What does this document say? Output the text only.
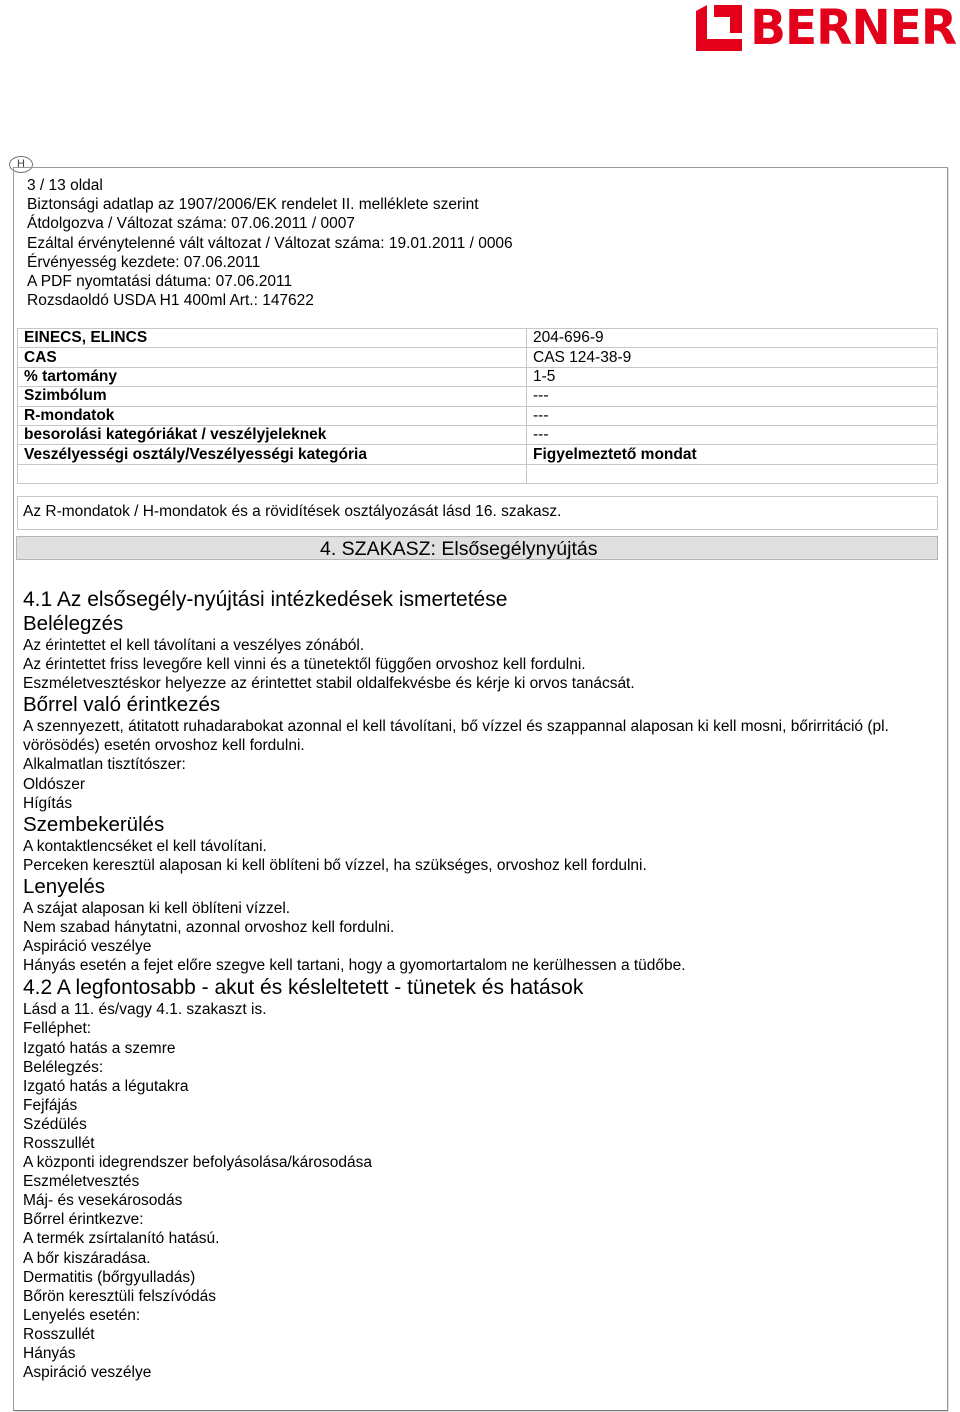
BERNER
H
3 / 13 oldal
Biztonsági adatlap az 1907/2006/EK rendelet II. melléklete szerint
Átdolgozva / Változat száma: 07.06.2011 / 0007
Ezáltal érvénytelenné vált változat / Változat száma: 19.01.2011 / 0006
Érvényesség kezdete: 07.06.2011
A PDF nyomtatási dátuma: 07.06.2011
Rozsdaoldó USDA H1 400ml Art.: 147622
EINECS, ELINCS	204-696-9
CAS	CAS 124-38-9
% tartomány	1-5
Szimbólum	---
R-mondatok	---
besorolási kategóriákat / veszélyjeleknek	---
Veszélyességi osztály/Veszélyességi kategória	Figyelmeztető mondat

Az R-mondatok / H-mondatok és a rövidítések osztályozását lásd 16. szakasz.
4. SZAKASZ: Elsősegélynyújtás
4.1 Az elsősegély-nyújtási intézkedések ismertetése
Belélegzés
Az érintettet el kell távolítani a veszélyes zónából.
Az érintettet friss levegőre kell vinni és a tünetektől függően orvoshoz kell fordulni.
Eszméletvesztéskor helyezze az érintettet stabil oldalfekvésbe és kérje ki orvos tanácsát.
Bőrrel való érintkezés
A szennyezett, átitatott ruhadarabokat azonnal el kell távolítani, bő vízzel és szappannal alaposan ki kell mosni, bőrirritáció (pl. vörösödés) esetén orvoshoz kell fordulni.
Alkalmatlan tisztítószer:
Oldószer
Hígítás
Szembekerülés
A kontaktlencséket el kell távolítani.
Perceken keresztül alaposan ki kell öblíteni bő vízzel, ha szükséges, orvoshoz kell fordulni.
Lenyelés
A szájat alaposan ki kell öblíteni vízzel.
Nem szabad hánytatni, azonnal orvoshoz kell fordulni.
Aspiráció veszélye
Hányás esetén a fejet előre szegve kell tartani, hogy a gyomortartalom ne kerülhessen a tüdőbe.
4.2 A legfontosabb - akut és késleltetett - tünetek és hatások
Lásd a 11. és/vagy 4.1. szakaszt is.
Felléphet:
Izgató hatás a szemre
Belélegzés:
Izgató hatás a légutakra
Fejfájás
Szédülés
Rosszullét
A központi idegrendszer befolyásolása/károsodása
Eszméletvesztés
Máj- és vesekárosodás
Bőrrel érintkezve:
A termék zsírtalanító hatású.
A bőr kiszáradása.
Dermatitis (bőrgyulladás)
Bőrön keresztüli felszívódás
Lenyelés esetén:
Rosszullét
Hányás
Aspiráció veszélye
